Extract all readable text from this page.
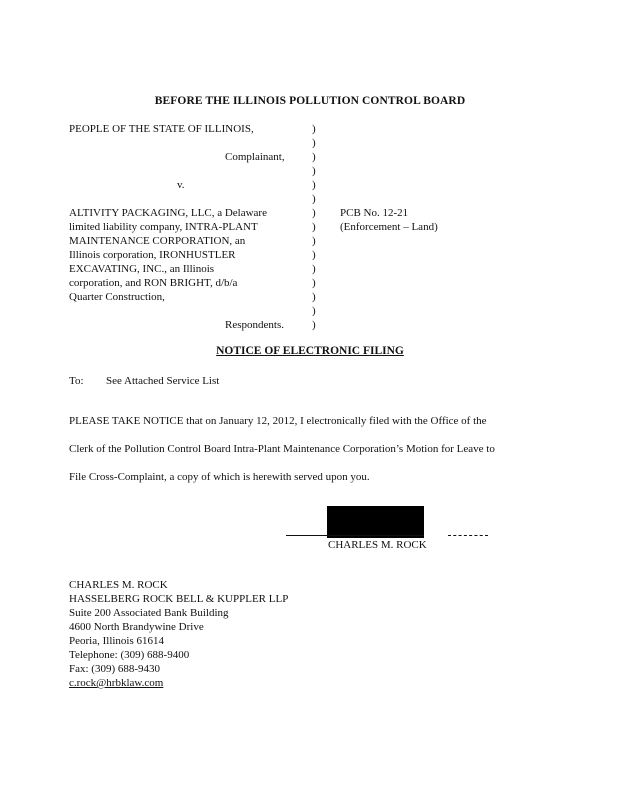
BEFORE THE ILLINOIS POLLUTION CONTROL BOARD
PEOPLE OF THE STATE OF ILLINOIS,
Complainant,
v.
ALTIVITY PACKAGING, LLC, a Delaware
limited liability company, INTRA-PLANT
MAINTENANCE CORPORATION, an
Illinois corporation, IRONHUSTLER
EXCAVATING, INC., an Illinois
corporation, and RON BRIGHT, d/b/a
Quarter Construction,
Respondents.
)
)
)
)
)
)
)
)
)
)
)
)
)
)
)
PCB No. 12-21
(Enforcement – Land)
NOTICE OF ELECTRONIC FILING
To: See Attached Service List
PLEASE TAKE NOTICE that on January 12, 2012, I electronically filed with the Office of the
Clerk of the Pollution Control Board Intra-Plant Maintenance Corporation’s Motion for Leave to
File Cross-Complaint, a copy of which is herewith served upon you.
CHARLES M. ROCK
CHARLES M. ROCK
HASSELBERG ROCK BELL & KUPPLER LLP
Suite 200 Associated Bank Building
4600 North Brandywine Drive
Peoria, Illinois 61614
Telephone: (309) 688-9400
Fax: (309) 688-9430
c.rock@hrbklaw.com
